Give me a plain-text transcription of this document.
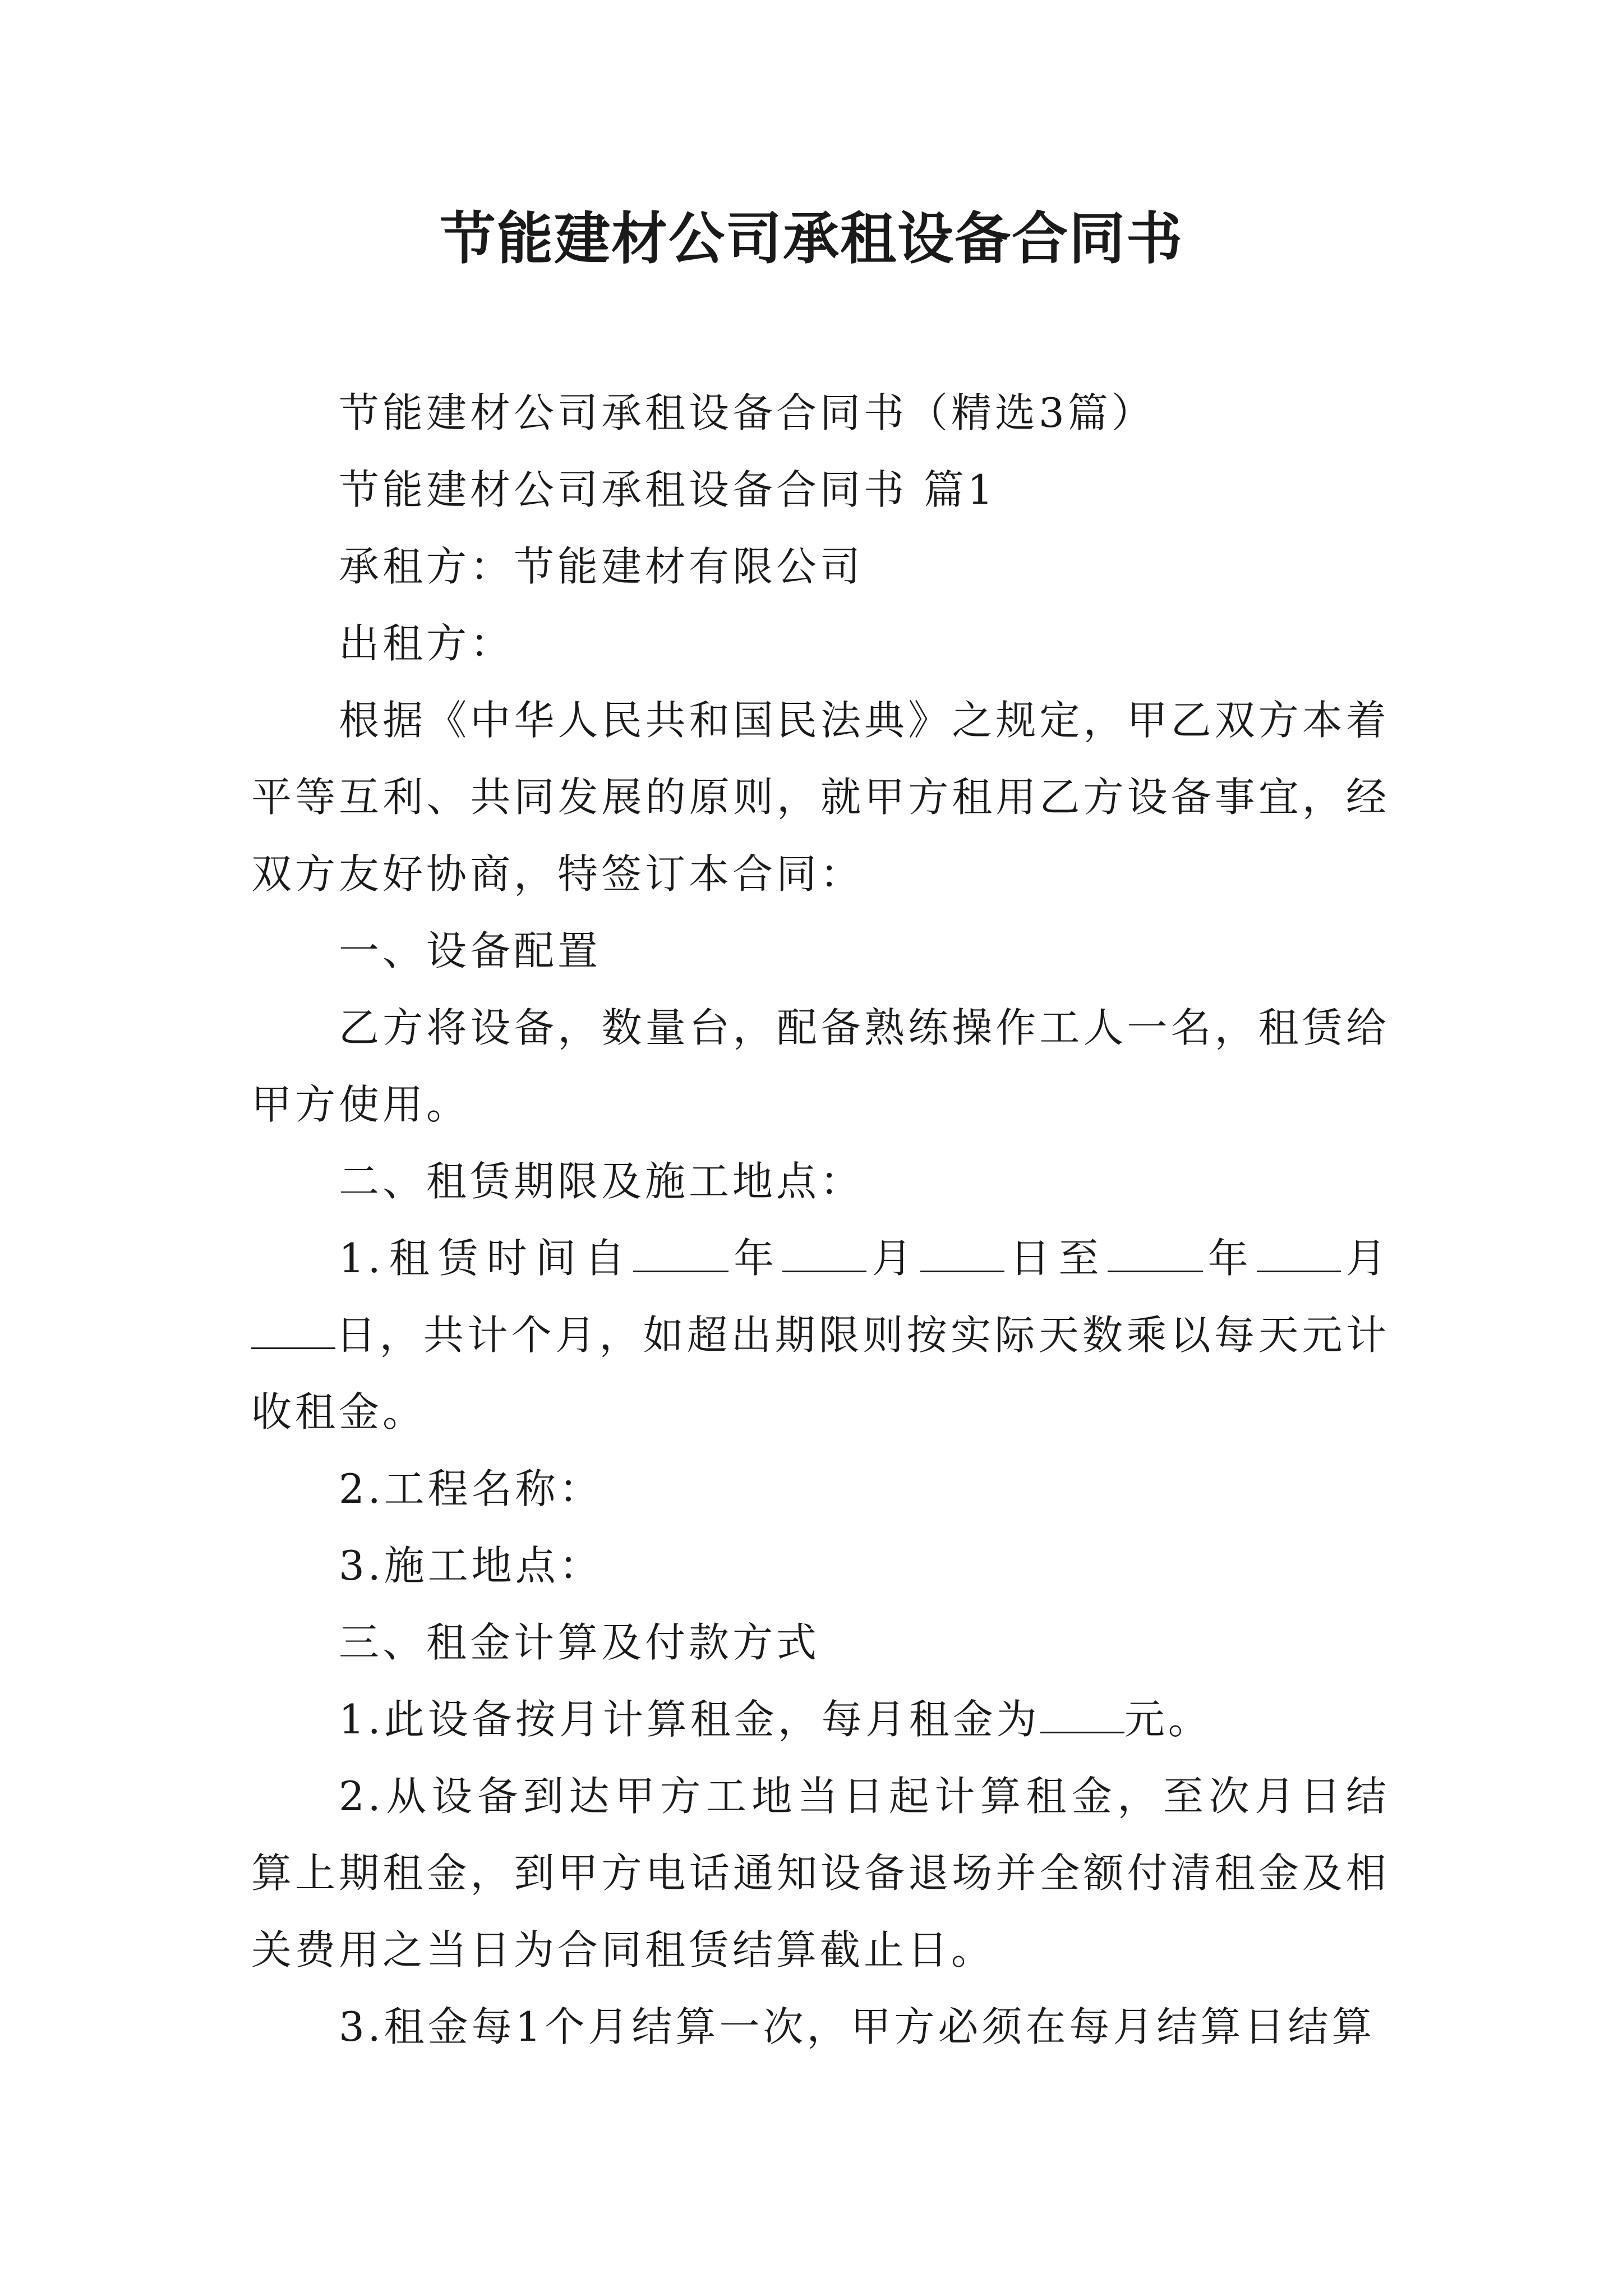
节能建材公司承租设备合同书

节能建材公司承租设备合同书（精选3篇）

节能建材公司承租设备合同书 篇1

承租方：节能建材有限公司

出租方：

根据《中华人民共和国民法典》之规定，甲乙双方本着平等互利、共同发展的原则，就甲方租用乙方设备事宜，经双方友好协商，特签订本合同：

一、设备配置

乙方将设备，数量台，配备熟练操作工人一名，租赁给甲方使用。

二、租赁期限及施工地点：

1.租赁时间自 年 月 日至 年 月日，共计个月，如超出期限则按实际天数乘以每天元计收租金。

2.工程名称：

3.施工地点：

三、租金计算及付款方式

1.此设备按月计算租金，每月租金为 元。

2.从设备到达甲方工地当日起计算租金，至次月日结算上期租金，到甲方电话通知设备退场并全额付清租金及相关费用之当日为合同租赁结算截止日。

3.租金每1个月结算一次，甲方必须在每月结算日结算
